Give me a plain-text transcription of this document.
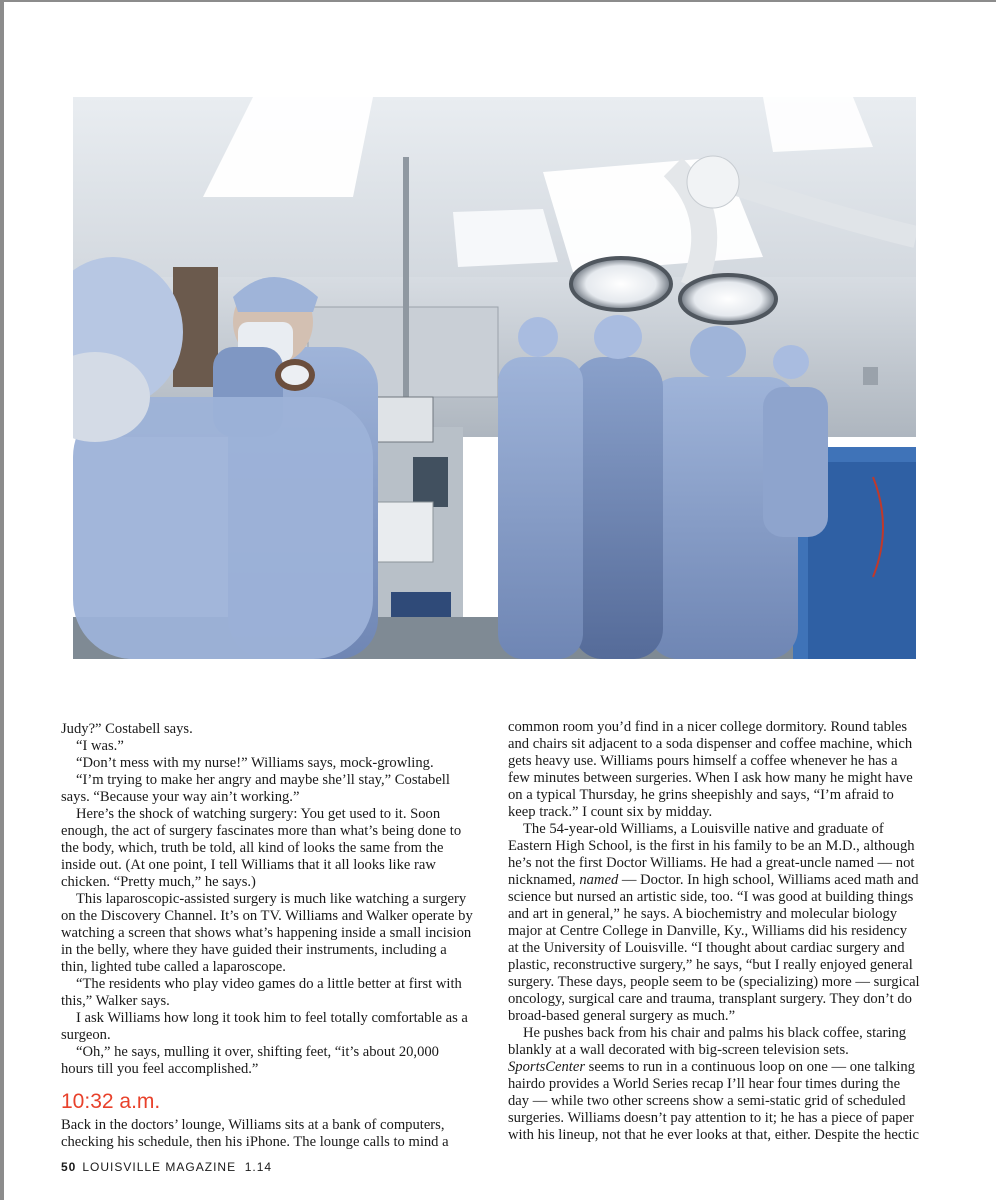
Judy?” Costabell says.

“I was.”

“Don’t mess with my nurse!” Williams says, mock-growling.

“I’m trying to make her angry and maybe she’ll stay,” Costabell says. “Because your way ain’t working.”

Here’s the shock of watching surgery: You get used to it. Soon enough, the act of surgery fascinates more than what’s being done to the body, which, truth be told, all kind of looks the same from the inside out. (At one point, I tell Williams that it all looks like raw chicken. “Pretty much,” he says.)

This laparoscopic-assisted surgery is much like watching a surgery on the Discovery Channel. It’s on TV. Williams and Walker operate by watching a screen that shows what’s happening inside a small incision in the belly, where they have guided their instruments, including a thin, lighted tube called a laparoscope.

“The residents who play video games do a little better at first with this,” Walker says.

I ask Williams how long it took him to feel totally comfortable as a surgeon.

“Oh,” he says, mulling it over, shifting feet, “it’s about 20,000 hours till you feel accomplished.”

10:32 a.m.

Back in the doctors’ lounge, Williams sits at a bank of computers, checking his schedule, then his iPhone. The lounge calls to mind a

common room you’d find in a nicer college dormitory. Round tables and chairs sit adjacent to a soda dispenser and coffee machine, which gets heavy use. Williams pours himself a coffee whenever he has a few minutes between surgeries. When I ask how many he might have on a typical Thursday, he grins sheepishly and says, “I’m afraid to keep track.” I count six by midday.

The 54-year-old Williams, a Louisville native and graduate of Eastern High School, is the first in his family to be an M.D., although he’s not the first Doctor Williams. He had a great-uncle named — not nicknamed, named — Doctor. In high school, Williams aced math and science but nursed an artistic side, too. “I was good at building things and art in general,” he says. A biochemistry and molecular biology major at Centre College in Danville, Ky., Williams did his residency at the University of Louisville. “I thought about cardiac surgery and plastic, reconstructive surgery,” he says, “but I really enjoyed general surgery. These days, people seem to be (specializing) more — surgical oncology, surgical care and trauma, transplant surgery. They don’t do broad-based general surgery as much.”

He pushes back from his chair and palms his black coffee, staring blankly at a wall decorated with big-screen television sets. SportsCenter seems to run in a continuous loop on one — one talking hairdo provides a World Series recap I’ll hear four times during the day — while two other screens show a semi-static grid of scheduled surgeries. Williams doesn’t pay attention to it; he has a piece of paper with his lineup, not that he ever looks at that, either. Despite the hectic

50 LOUISVILLE MAGAZINE 1.14
